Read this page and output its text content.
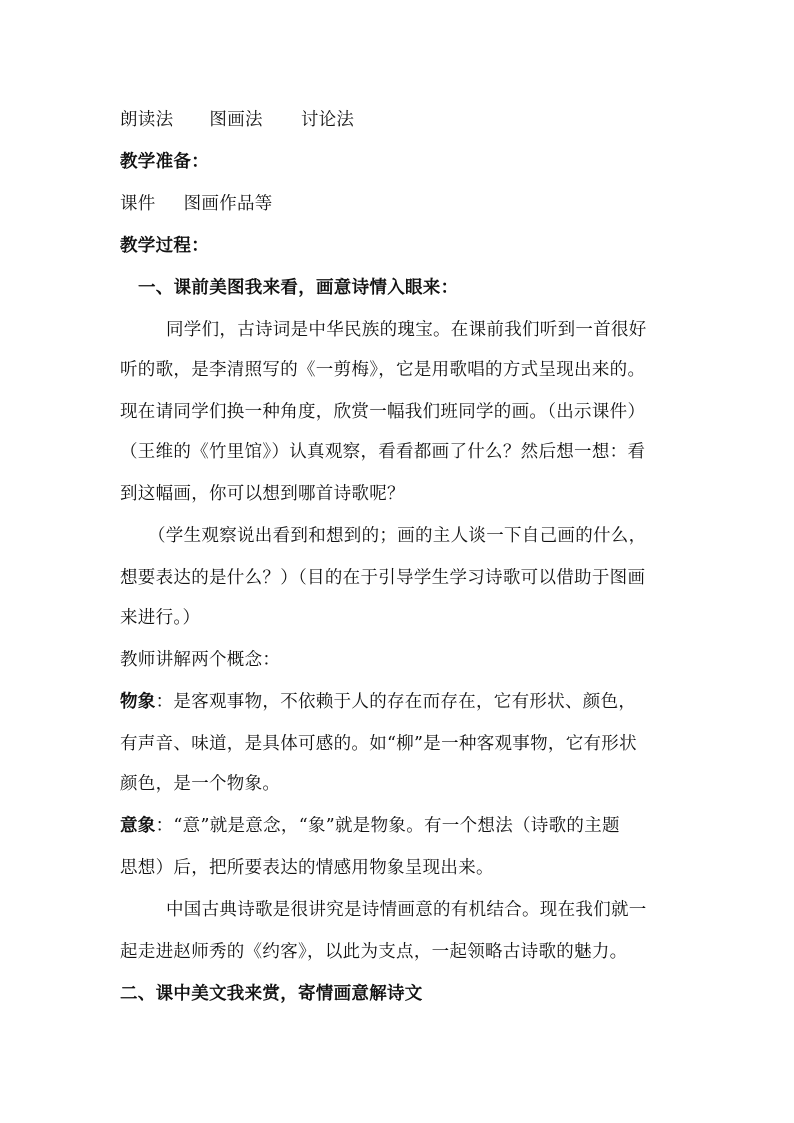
朗读法 图画法 讨论法
教学准备：
课件 图画作品等
教学过程：
一、课前美图我来看，画意诗情入眼来：
同学们，古诗词是中华民族的瑰宝。在课前我们听到一首很好
听的歌，是李清照写的《一剪梅》，它是用歌唱的方式呈现出来的。
现在请同学们换一种角度，欣赏一幅我们班同学的画。（出示课件）
（王维的《竹里馆》）认真观察，看看都画了什么？然后想一想：看
到这幅画，你可以想到哪首诗歌呢？
（学生观察说出看到和想到的；画的主人谈一下自己画的什么，
想要表达的是什么？）（目的在于引导学生学习诗歌可以借助于图画
来进行。）
教师讲解两个概念：
物象：是客观事物，不依赖于人的存在而存在，它有形状、颜色，
有声音、味道，是具体可感的。如“柳”是一种客观事物，它有形状
颜色，是一个物象。
意象：“意”就是意念，“象”就是物象。有一个想法（诗歌的主题
思想）后，把所要表达的情感用物象呈现出来。
中国古典诗歌是很讲究是诗情画意的有机结合。现在我们就一
起走进赵师秀的《约客》，以此为支点，一起领略古诗歌的魅力。
二、课中美文我来赏，寄情画意解诗文
